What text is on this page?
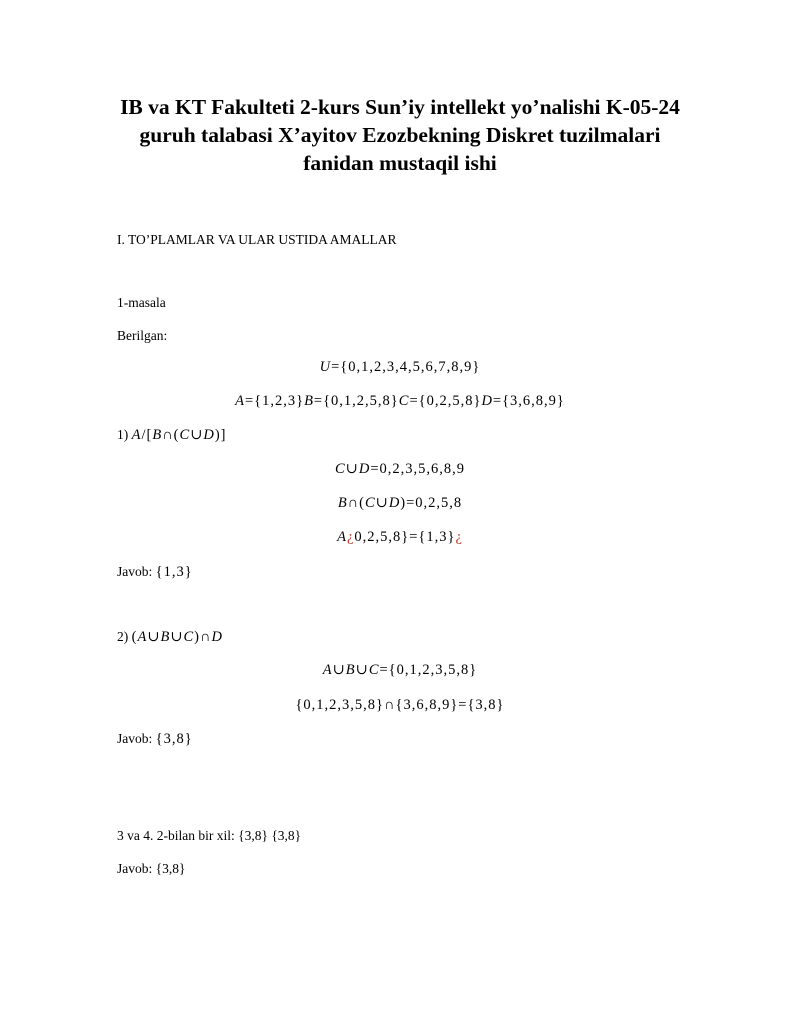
IB va KT Fakulteti 2-kurs Sun’iy intellekt yo’nalishi K-05-24
guruh talabasi X’ayitov Ezozbekning Diskret tuzilmalari
fanidan mustaqil ishi
I. TO’PLAMLAR VA ULAR USTIDA AMALLAR
1-masala
Berilgan:
U={0,1,2,3,4,5,6,7,8,9}
A={1,2,3}B={0,1,2,5,8}C={0,2,5,8}D={3,6,8,9}
1) A/[B∩(C∪D)]
C∪D=0,2,3,5,6,8,9
B∩(C∪D)=0,2,5,8
A¿0,2,5,8}={1,3}¿
Javob: {1,3}
2) (A∪B∪C)∩D
A∪B∪C={0,1,2,3,5,8}
{0,1,2,3,5,8}∩{3,6,8,9}={3,8}
Javob: {3,8}
3 va 4. 2-bilan bir xil: {3,8} {3,8}
Javob: {3,8}
